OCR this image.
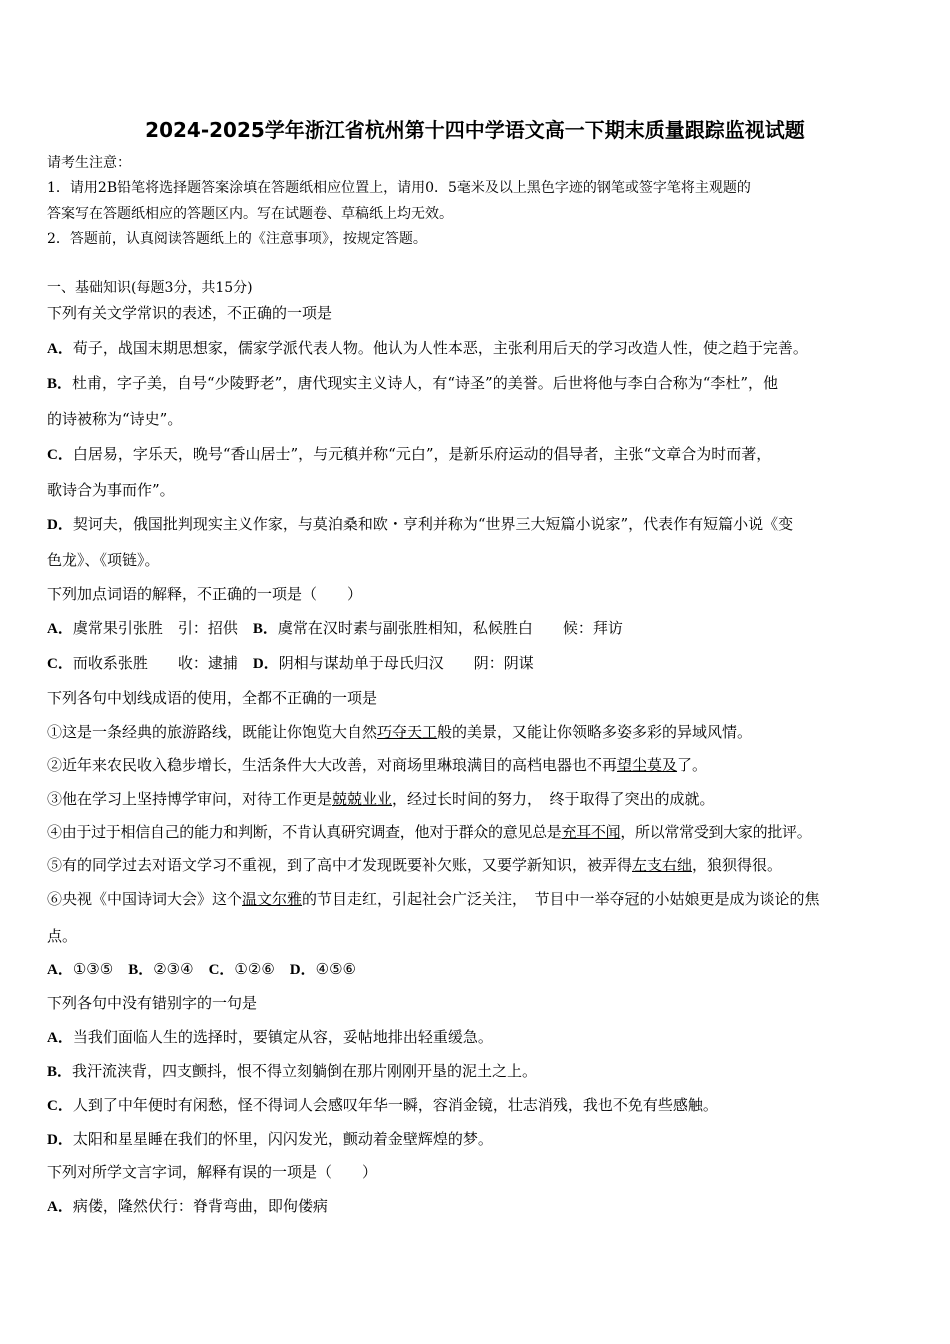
2024-2025学年浙江省杭州第十四中学语文高一下期末质量跟踪监视试题
请考生注意：
1．请用2B铅笔将选择题答案涂填在答题纸相应位置上，请用0．5毫米及以上黑色字迹的钢笔或签字笔将主观题的
答案写在答题纸相应的答题区内。写在试题卷、草稿纸上均无效。
2．答题前，认真阅读答题纸上的《注意事项》，按规定答题。
一、基础知识(每题3分，共15分)
下列有关文学常识的表述，不正确的一项是
A．荀子，战国末期思想家，儒家学派代表人物。他认为人性本恶，主张利用后天的学习改造人性，使之趋于完善。
B．杜甫，字子美，自号“少陵野老”，唐代现实主义诗人，有“诗圣”的美誉。后世将他与李白合称为“李杜”，他
的诗被称为“诗史”。
C．白居易，字乐天，晚号“香山居士”，与元稹并称“元白”，是新乐府运动的倡导者，主张“文章合为时而著，
歌诗合为事而作”。
D．契诃夫，俄国批判现实主义作家，与莫泊桑和欧・亨利并称为“世界三大短篇小说家”，代表作有短篇小说《变
色龙》、《项链》。
下列加点词语的解释，不正确的一项是（　　）
A．虞常果引张胜　引：招供　 B．虞常在汉时素与副张胜相知，私候胜白　　候：拜访
C．而收系张胜　　收：逮捕　 D．阴相与谋劫单于母氏归汉　　阴：阴谋
下列各句中划线成语的使用，全都不正确的一项是
①这是一条经典的旅游路线，既能让你饱览大自然巧夺天工般的美景，又能让你领略多姿多彩的异域风情。
②近年来农民收入稳步增长，生活条件大大改善，对商场里琳琅满目的高档电器也不再望尘莫及了。
③他在学习上坚持博学审问，对待工作更是兢兢业业，经过长时间的努力，　终于取得了突出的成就。
④由于过于相信自己的能力和判断，不肯认真研究调查，他对于群众的意见总是充耳不闻，所以常常受到大家的批评。
⑤有的同学过去对语文学习不重视，到了高中才发现既要补欠账，又要学新知识，被弄得左支右绌，狼狈得很。
⑥央视《中国诗词大会》这个温文尔雅的节目走红，引起社会广泛关注，　节目中一举夺冠的小姑娘更是成为谈论的焦
点。
A．①③⑤　 B．②③④　 C．①②⑥　 D．④⑤⑥
下列各句中没有错别字的一句是
A．当我们面临人生的选择时，要镇定从容，妥帖地排出轻重缓急。
B．我汗流浃背，四支颤抖，恨不得立刻躺倒在那片刚刚开垦的泥土之上。
C．人到了中年便时有闲愁，怪不得词人会感叹年华一瞬，容消金镜，壮志消残，我也不免有些感触。
D．太阳和星星睡在我们的怀里，闪闪发光，颤动着金壁辉煌的梦。
下列对所学文言字词，解释有误的一项是（　　）
A．病偻，隆然伏行：脊背弯曲，即佝偻病
